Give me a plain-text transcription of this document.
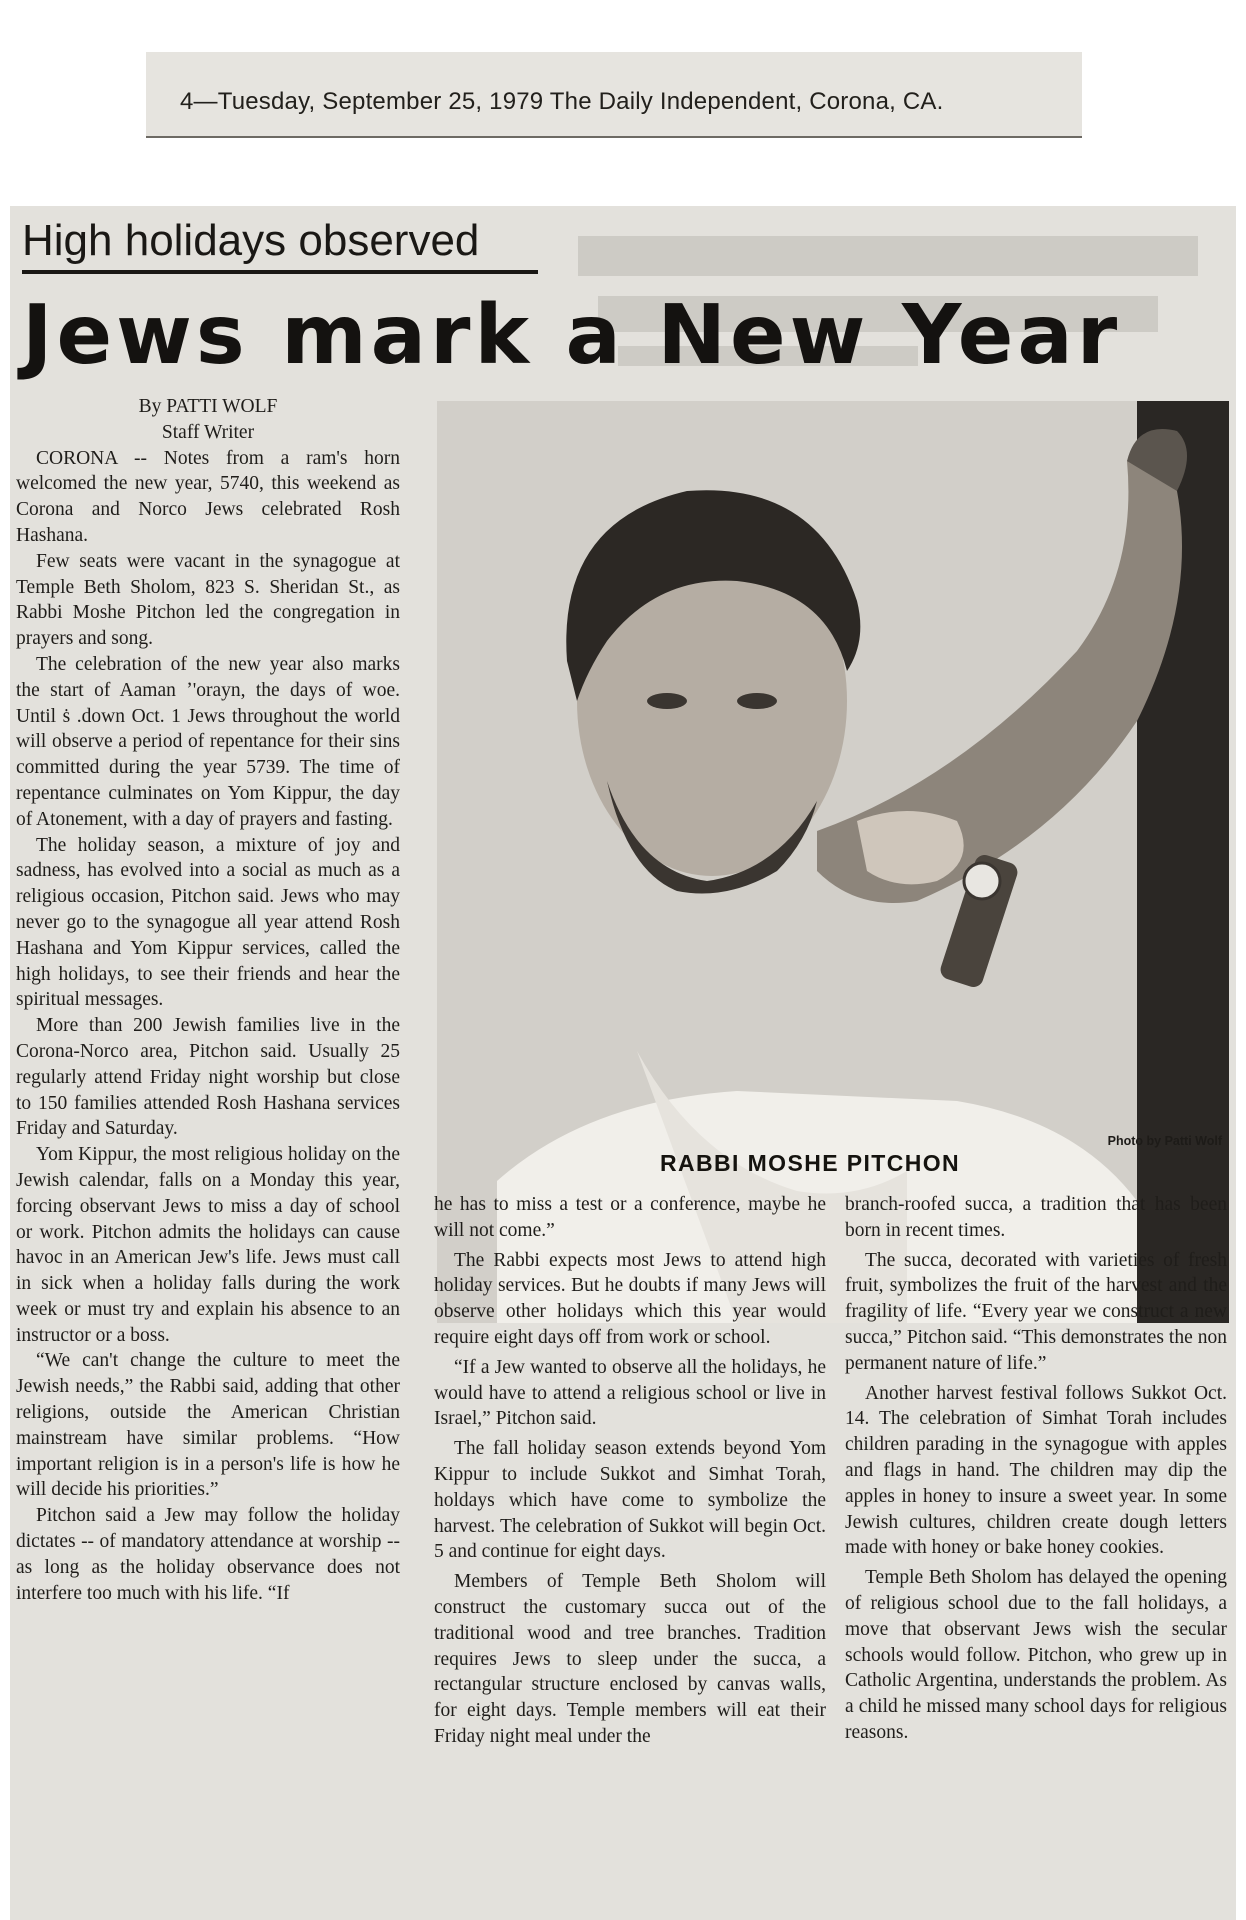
4—Tuesday, September 25, 1979 The Daily Independent, Corona, CA.
High holidays observed
Jews mark a New Year

By PATTI WOLF

Staff Writer

CORONA -- Notes from a ram's horn welcomed the new year, 5740, this weekend as Corona and Norco Jews celebrated Rosh Hashana.

Few seats were vacant in the synagogue at Temple Beth Sholom, 823 S. Sheridan St., as Rabbi Moshe Pitchon led the congregation in prayers and song.

The celebration of the new year also marks the start of Aaman ʼ'orayn, the days of woe. Until ṡ .down Oct. 1 Jews throughout the world will observe a period of repentance for their sins committed during the year 5739. The time of repentance culminates on Yom Kippur, the day of Atonement, with a day of prayers and fasting.

The holiday season, a mixture of joy and sadness, has evolved into a social as much as a religious occasion, Pitchon said. Jews who may never go to the synagogue all year attend Rosh Hashana and Yom Kippur services, called the high holidays, to see their friends and hear the spiritual messages.

More than 200 Jewish families live in the Corona-Norco area, Pitchon said. Usually 25 regularly attend Friday night worship but close to 150 families attended Rosh Hashana services Friday and Saturday.

Yom Kippur, the most religious holiday on the Jewish calendar, falls on a Monday this year, forcing observant Jews to miss a day of school or work. Pitchon admits the holidays can cause havoc in an American Jew's life. Jews must call in sick when a holiday falls during the work week or must try and explain his absence to an instructor or a boss.

“We can't change the culture to meet the Jewish needs,” the Rabbi said, adding that other religions, outside the American Christian mainstream have similar problems. “How important religion is in a person's life is how he will decide his priorities.”

Pitchon said a Jew may follow the holiday dictates -- of mandatory attendance at worship -- as long as the holiday observance does not interfere too much with his life. “If

Photo by Patti Wolf
RABBI MOSHE PITCHON

he has to miss a test or a conference, maybe he will not come.”

The Rabbi expects most Jews to attend high holiday services. But he doubts if many Jews will observe other holidays which this year would require eight days off from work or school.

“If a Jew wanted to observe all the holidays, he would have to attend a religious school or live in Israel,” Pitchon said.

The fall holiday season extends beyond Yom Kippur to include Sukkot and Simhat Torah, holdays which have come to symbolize the harvest. The celebration of Sukkot will begin Oct. 5 and continue for eight days.

Members of Temple Beth Sholom will construct the customary succa out of the traditional wood and tree branches. Tradition requires Jews to sleep under the succa, a rectangular structure enclosed by canvas walls, for eight days. Temple members will eat their Friday night meal under the

branch-roofed succa, a tradition that has been born in recent times.

The succa, decorated with varieties of fresh fruit, symbolizes the fruit of the harvest and the fragility of life. “Every year we construct a new succa,” Pitchon said. “This demonstrates the non permanent nature of life.”

Another harvest festival follows Sukkot Oct. 14. The celebration of Simhat Torah includes children parading in the synagogue with apples and flags in hand. The children may dip the apples in honey to insure a sweet year. In some Jewish cultures, children create dough letters made with honey or bake honey cookies.

Temple Beth Sholom has delayed the opening of religious school due to the fall holidays, a move that observant Jews wish the secular schools would follow. Pitchon, who grew up in Catholic Argentina, understands the problem. As a child he missed many school days for religious reasons.
